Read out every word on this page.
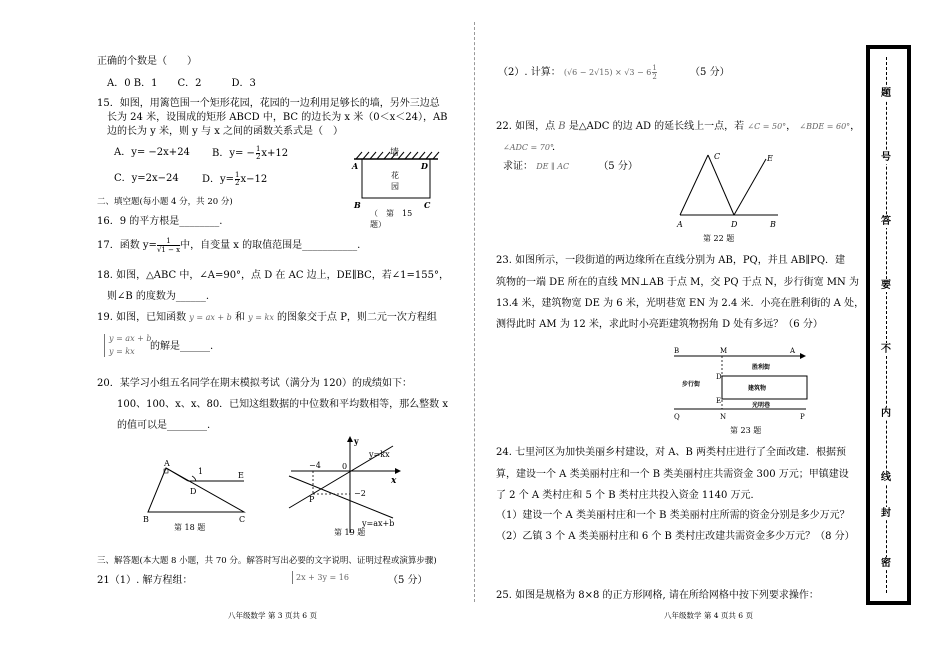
正确的个数是（　　）
A．0 B．1　　C．2　　　D．3
15．如图，用篱笆围一个矩形花园，花园的一边利用足够长的墙，另外三边总
长为 24 米，设围成的矩形 ABCD 中，BC 的边长为 x 米（0＜x＜24），AB
边的长为 y 米，则 y 与 x 之间的函数关系式是（　）
A．y= −2x+24 B．$y= -\frac{1}{2}x+12$
C．y=2x−24 D．$y=\frac{1}{2}x-12$
墙
A	D
B	C
花
园
（　第　15
题）
二、填空题(每小题 4 分，共 20 分)
16．9 的平方根是________.
17．函数 $y=\frac{1}{√1 - x}$中，自变量 x 的取值范围是___________.
18. 如图，△ABC 中，∠A=90°，点 D 在 AC 边上，DE∥BC，若∠1=155°，
则∠B 的度数为______.
19. 如图，已知函数 y = ax + b 和 y = kx 的图象交于点 P，则二元一次方程组
y = ax + b
y = kx	的解是______.
20．某学习小组五名同学在期末模拟考试（满分为 120）的成绩如下：
100、100、x、x、80．已知这组数据的中位数和平均数相等，那么整数 x
的值可以是________.
A
1	E
D
B	C
第 18 题
y
x
−4	0
−2
P
y=kx
y=ax+b
第 19 题
三、解答题(本大题 8 小题，共 70 分。解答时写出必要的文字说明、证明过程或演算步骤)
21（1）. 解方程组：	2x + 3y = 16	（5 分）
（2）. 计算： $(√6 - 2√15) \times √3 - 6\frac{1}{2}$	（5 分）
22. 如图，点 B 是△ADC 的边 AD 的延长线上一点，若 ∠C = 50°， ∠BDE = 60°，
∠ADC = 70°
．
求证： DE ∥ AC	（5 分）
C	E
A	D	B
第 22 题
23. 如图所示，一段街道的两边缘所在直线分别为 AB，PQ，并且 AB∥PQ．建
筑物的一端 DE 所在的直线 MN⊥AB 于点 M，交 PQ 于点 N，步行街宽 MN 为
13.4 米，建筑物宽 DE 为 6 米，光明巷宽 EN 为 2.4 米．小亮在胜利街的 A 处，
测得此时 AM 为 12 米，求此时小亮距建筑物拐角 D 处有多远？（6 分）
B	M	A
胜利街
步行街
D
建筑物
E
光明巷
Q	N	P
第 23 题
24. 七里河区为加快美丽乡村建设，对 A、B 两类村庄进行了全面改建．根据预
算，建设一个 A 类美丽村庄和一个 B 类美丽村庄共需资金 300 万元；甲镇建设
了 2 个 A 类村庄和 5 个 B 类村庄共投入资金 1140 万元．
（1）建设一个 A 类美丽村庄和一个 B 类美丽村庄所需的资金分别是多少万元？
（2）乙镇 3 个 A 类美丽村庄和 6 个 B 类村庄改建共需资金多少万元？（8 分）
25. 如图是规格为 8×8 的正方形网格, 请在所给网格中按下列要求操作：
八年级数学 第 3 页共 6 页	八年级数学 第 4 页共 6 页
题
号
答
要
不
内
线
封
密
